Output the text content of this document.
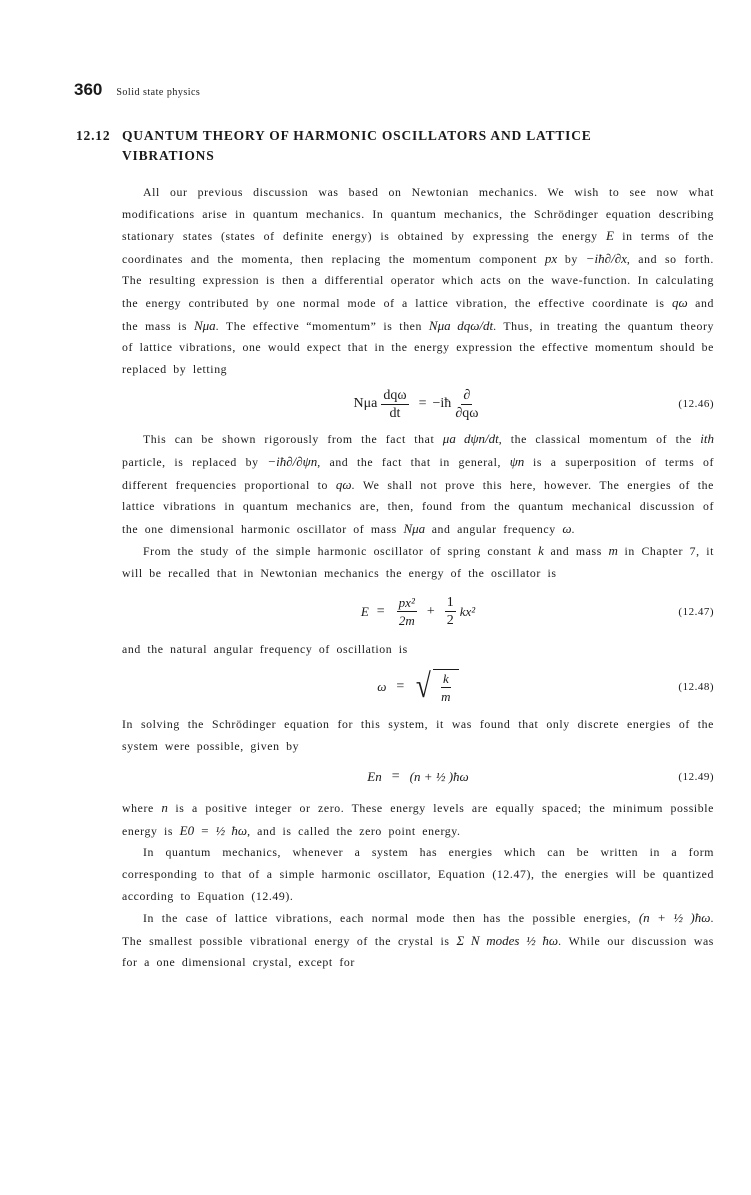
360 Solid state physics
12.12 QUANTUM THEORY OF HARMONIC OSCILLATORS AND LATTICE VIBRATIONS

All our previous discussion was based on Newtonian mechanics. We wish to see now what modifications arise in quantum mechanics. In quantum mechanics, the Schrödinger equation describing stationary states (states of definite energy) is obtained by expressing the energy E in terms of the coordinates and the momenta, then replacing the momentum component px by −iħ∂/∂x, and so forth. The resulting expression is then a differential operator which acts on the wave-function. In calculating the energy contributed by one normal mode of a lattice vibration, the effective coordinate is qω and the mass is Nμa. The effective “momentum” is then Nμa dqω/dt. Thus, in treating the quantum theory of lattice vibrations, one would expect that in the energy expression the effective momentum should be replaced by letting

Nμa $\frac{\text{dqω}}{dt}$ = −iħ $\frac{\partial}{\partial q\omega}$	(12.46)

This can be shown rigorously from the fact that μa dψn/dt, the classical momentum of the ith particle, is replaced by −iħ∂/∂ψn, and the fact that in general, ψn is a superposition of terms of different frequencies proportional to qω. We shall not prove this here, however. The energies of the lattice vibrations in quantum mechanics are, then, found from the quantum mechanical discussion of the one dimensional harmonic oscillator of mass Nμa and angular frequency ω.

From the study of the simple harmonic oscillator of spring constant k and mass m in Chapter 7, it will be recalled that in Newtonian mechanics the energy of the oscillator is

$E = \frac{\text{px²}}{2m} + \frac{1}{2} kx^2$	(12.47)

and the natural angular frequency of oscillation is

ω = √ $\frac{k}{m}$	(12.48)

In solving the Schrödinger equation for this system, it was found that only discrete energies of the system were possible, given by

En = (n + ½ )ħω	(12.49)

where n is a positive integer or zero. These energy levels are equally spaced; the minimum possible energy is E0 = ½ ħω, and is called the zero point energy.

In quantum mechanics, whenever a system has energies which can be written in a form corresponding to that of a simple harmonic oscillator, Equation (12.47), the energies will be quantized according to Equation (12.49).

In the case of lattice vibrations, each normal mode then has the possible energies, (n + ½ )ħω. The smallest possible vibrational energy of the crystal is Σ N modes ½ ħω. While our discussion was for a one dimensional crystal, except for
